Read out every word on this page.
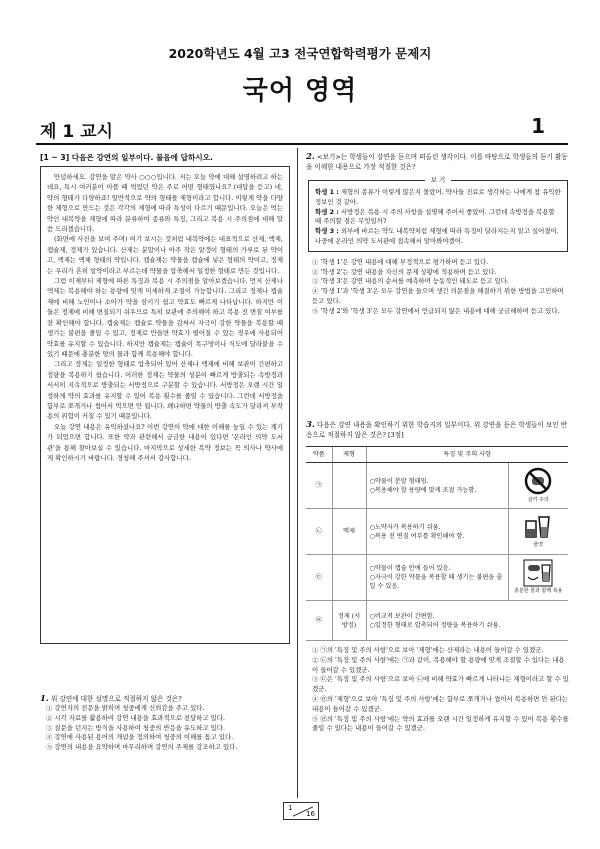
2020학년도 4월 고3 전국연합학력평가 문제지
국어 영역
제 1 교시	1
[1 ~ 3] 다음은 강연의 일부이다. 물음에 답하시오.

안녕하세요. 강연을 맡은 약사 ○○○입니다. 저는 오늘 약에 대해 설명하려고 하는데요, 특시 여러분이 아플 때 먹었던 약은 주로 어떤 형태였나요? (대답을 듣고) 네, 약의 형태가 다양하죠! 일반적으로 약의 형태를 제형이라고 합니다. 이렇게 약을 다양한 제형으로 만드는 것은 각각의 제형에 따라 특성이 다르기 때문입니다. 오늘은 먹는 약인 내복약을 제형에 따라 분류하여 종류와 특징, 그리고 복용 시 주의점에 대해 말씀 드리겠습니다.

(화면에 사진을 보여 주며) 여기 보시는 것처럼 내복약에는 대표적으로 산제, 액제, 캡슐제, 정제가 있습니다. 산제는 분말이나 아주 작은 알갱이 형태의 가루로 된 약이고, 액제는 액체 형태의 약입니다. 캡슐제는 약물을 캡슐에 넣은 형태의 약이고, 정제는 우리가 흔히 알약이라고 부르는데 약물을 압축해서 일정한 형태로 만든 것입니다.

그럼 이제부터 제형에 따른 특징과 복용 시 주의점을 알아보겠습니다. 먼저 산제나 액제는 복용해야 하는 용량에 맞게 미세하게 조절이 가능합니다. 그리고 정제나 캡슐제에 비해 노인이나 소아가 약을 삼키기 쉽고 약효도 빠르게 나타납니다. 하지만 이 둘은 정제에 비해 변질되기 쉬우므로 특히 보관에 주의해야 하고 복용 전 변질 여부를 잘 확인해야 합니다. 캡슐제는 캡슐로 약물을 감싸서 자극이 강한 약물을 복용할 때 생기는 불편을 줄일 수 있고, 정제로 만들면 약효가 떨어질 수 있는 경우에 사용되어 약효를 유지할 수 있습니다. 하지만 캡슐제는 캡슐이 목구멍이나 식도에 달라붙을 수 있기 때문에 충분한 양의 물과 함께 복용해야 합니다.

그리고 정제는 일정한 형태로 압축되어 있어 산제나 액제에 비해 보관이 간편하고 정량을 복용하기 쉽습니다. 이러한 정제는 약물의 성분이 빠르게 방출되는 속방정과 서서히 지속적으로 방출되는 서방정으로 구분할 수 있습니다. 서방정은 오랜 시간 일정하게 약의 효과를 유지할 수 있어 복용 횟수를 줄일 수 있습니다. 그런데 서방정을 함부로 쪼개거나 씹어서 먹으면 안 됩니다. 왜냐하면 약물의 방출 속도가 달라져 부작용의 위험이 커질 수 있기 때문입니다.

오늘 강연 내용은 유익하셨나요? 이번 강연이 약에 대한 이해를 높일 수 있는 계기가 되었으면 합니다. 또한 약과 관련해서 궁금한 내용이 있다면 '온라인 의약 도서관'을 통해 찾아보실 수 있습니다. 마지막으로 상세한 복약 정보는 꼭 의사나 약사에게 확인하시기 바랍니다. 경청해 주셔서 감사합니다.

1. 위 강연에 대한 설명으로 적절하지 않은 것은?
① 강연자의 전문을 밝히며 청중에게 신뢰감을 주고 있다.
② 시각 자료를 활용하여 강연 내용을 효과적으로 전달하고 있다.
③ 질문을 던지는 방식을 사용하여 청중의 반응을 유도하고 있다.
④ 강연에 사용된 용어의 개념을 정의하여 청중의 이해를 돕고 있다.
⑤ 강연의 내용을 요약하며 마무리하며 강연의 주제를 강조하고 있다.
2. <보기>는 학생들이 강연을 듣으며 떠올린 생각이다. 이를 바탕으로 학생들의 듣기 활동을 이해한 내용으로 가장 적절한 것은?
보 기
학생 1 : 제형의 종류가 이렇게 많은지 몰랐어. 약사들 진료로 생각하는 나에게 참 유익한 정보인 것 같아.
학생 2 : 서방정은 복용 시 주의 사항을 설명해 주어서 좋았어. 그런데 속방정을 복용할 때 주의할 점은 무엇일까?
학생 3 : 외부에 바르는 약도 내복약처럼 제형에 따라 특징이 달라지는지 알고 싶어졌어. 나중에 온라인 의약 도서관에 접속해서 알아봐야겠어.
① '학생 1'은 강연 내용에 대해 부정적으로 평가하며 듣고 있다.
② '학생 2'는 강연 내용을 자신의 문제 상황에 적용하며 듣고 있다.
③ '학생 3'은 강연 내용의 순서를 예측하며 능동적인 태도로 듣고 있다.
④ '학생 1'과 '학생 3'은 모두 강연을 들으며 생긴 의문점을 해결하기 위한 방법을 고민하며 듣고 있다.
⑤ '학생 2'와 '학생 3'은 모두 강연에서 언급되지 않은 내용에 대해 궁금해하며 듣고 있다.
3. 다음은 강연 내용을 확인하기 위한 학습지의 일부이다. 위 강연을 듣은 학생들이 보인 반응으로 적절하지 않은 것은? [3점]
약품	제형	특징 및 주의 사항	
㉠		○약물이 분말 형태임.
○복용해야 할 용량에 맞게 조절 가능함.	삼키 주의

㉡	액제	○노약자가 복용하기 쉬움.
○복용 전 변질 여부를 확인해야 함.	물약

㉢		○약물이 캡슐 안에 들어 있음.
○자극이 강한 약물을 복용할 때 생기는 불편을 줄일 수 있음.	충분한 물과 함께 복용

㉣	정제 (서방정)	○비교적 보관이 간편함.
○일정한 형태로 압축되어 정량을 복용하기 쉬움.	
① ㉠의 '특징 및 주의 사항'으로 보아 '제형'에는 산제라는 내용이 들어갈 수 있겠군.
② ㉡의 '특징 및 주의 사항'에는 ㉠과 같이, 복용해야 할 용량에 맞게 조절할 수 있다는 내용이 들어갈 수 있겠군.
③ ㉢은 '특징 및 주의 사항'으로 보아 ㉡에 비해 약효가 빠르게 나타나는 제형이라고 할 수 있겠군.
④ ㉣의 '제형'으로 보아 '특징 및 주의 사항'에는 함부로 쪼개거나 씹어서 복용하면 안 된다는 내용이 들어갈 수 있겠군.
⑤ ㉣의 '특징 및 주의 사항'에는 약의 효과를 오랜 시간 일정하게 유지할 수 있어 복용 횟수를 줄일 수 있다는 내용이 들어갈 수 있겠군.
1
16
